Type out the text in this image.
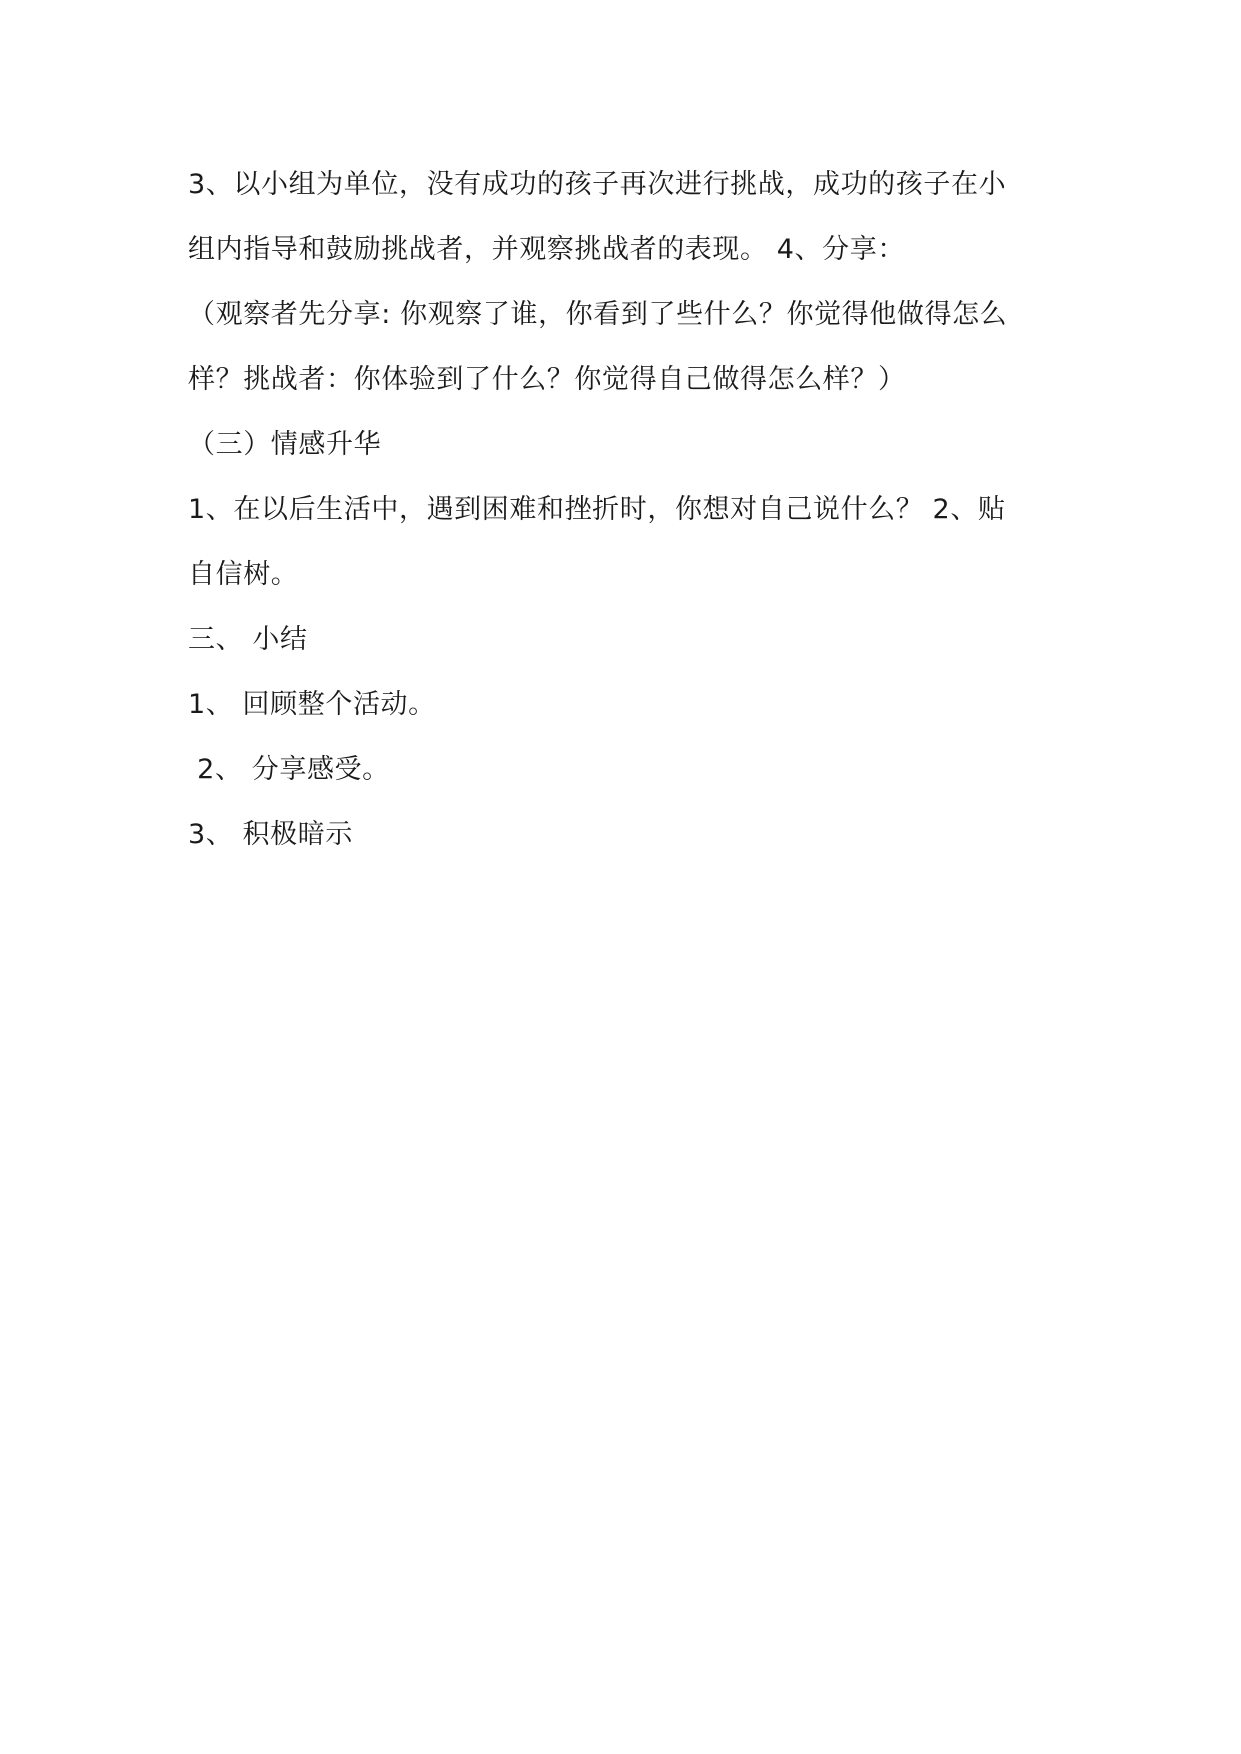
3、以小组为单位，没有成功的孩子再次进行挑战，成功的孩子在小

组内指导和鼓励挑战者，并观察挑战者的表现。 4、分享：

（观察者先分享: 你观察了谁，你看到了些什么？你觉得他做得怎么

样？挑战者：你体验到了什么？你觉得自己做得怎么样？）

（三）情感升华

1、在以后生活中，遇到困难和挫折时，你想对自己说什么？ 2、贴

自信树。

三、 小结

1、 回顾整个活动。

2、 分享感受。

3、 积极暗示
